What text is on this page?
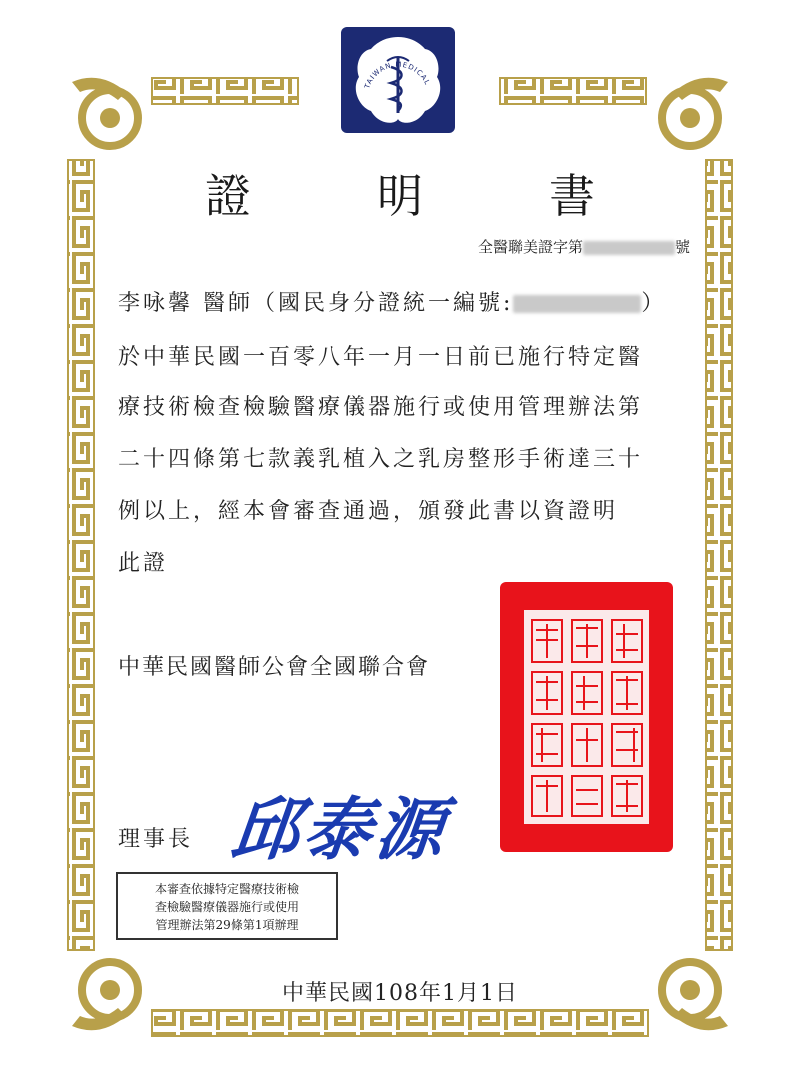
TAIWAN MEDICAL
證　明　書
全醫聯美證字第	號
李咏馨 醫師（國民身分證統一編號:	）
於中華民國一百零八年一月一日前已施行特定醫
療技術檢查檢驗醫療儀器施行或使用管理辦法第
二十四條第七款義乳植入之乳房整形手術達三十
例以上，經本會審查通過，頒發此書以資證明
此證
中華民國醫師公會全國聯合會
理事長 邱泰源
本審查依據特定醫療技術檢
查檢驗醫療儀器施行或使用
管理辦法第29條第1項辦理
中華民國108年1月1日
